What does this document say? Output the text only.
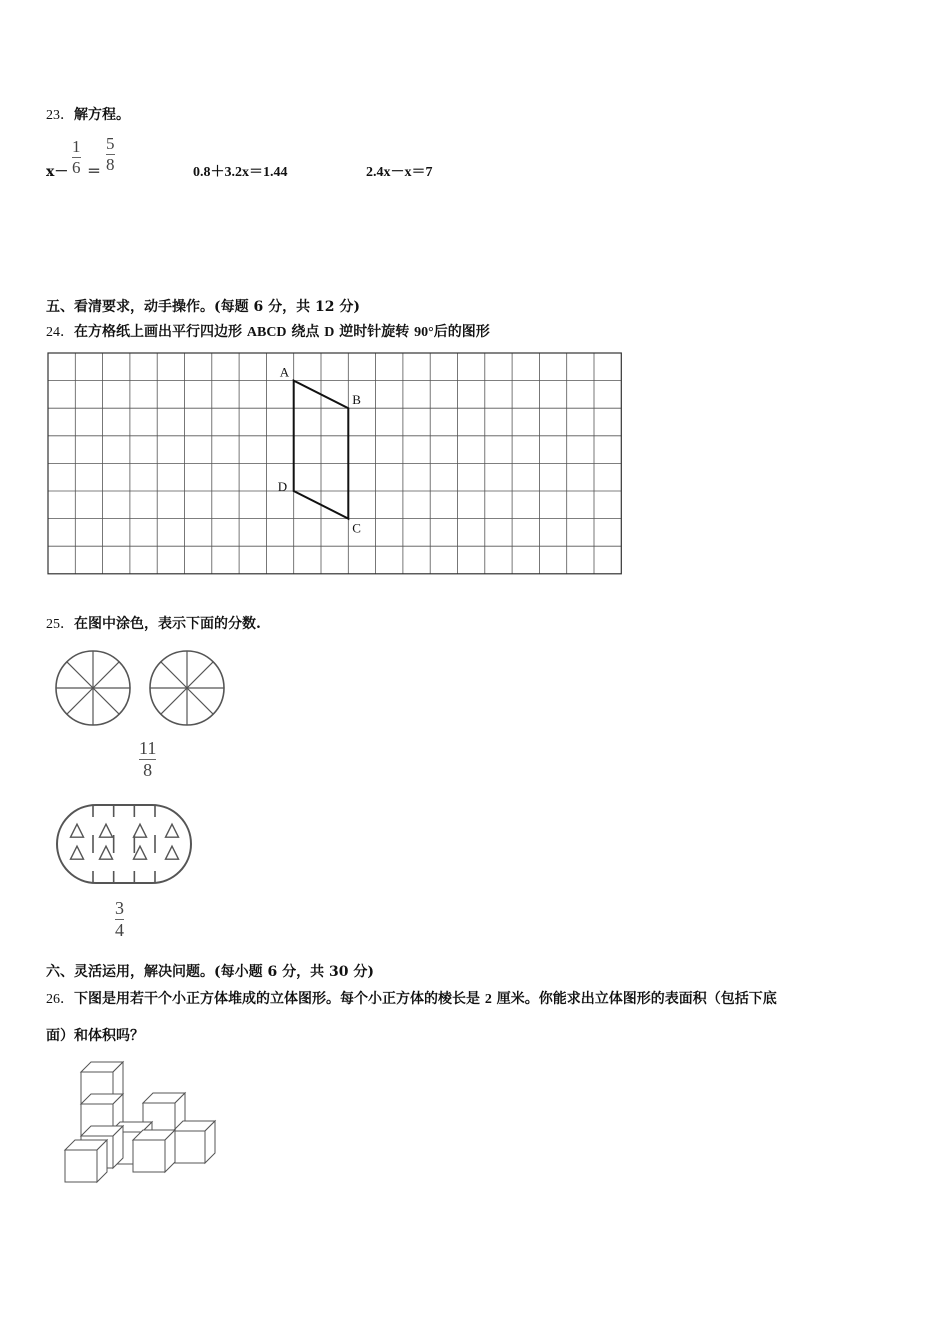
23．解方程。
x－
1
6 ＝
5
8	0.8＋3.2x＝1.44	2.4x－x＝7
五、看清要求，动手操作。(每题 6 分，共 12 分)
24．在方格纸上画出平行四边形 ABCD 绕点 D 逆时针旋转 90°后的图形
A
B
C
D
25．在图中涂色，表示下面的分数.
11
8
3
4
六、灵活运用，解决问题。(每小题 6 分，共 30 分)
26．下图是用若干个小正方体堆成的立体图形。每个小正方体的棱长是 2 厘米。你能求出立体图形的表面积（包括下底
面）和体积吗？
